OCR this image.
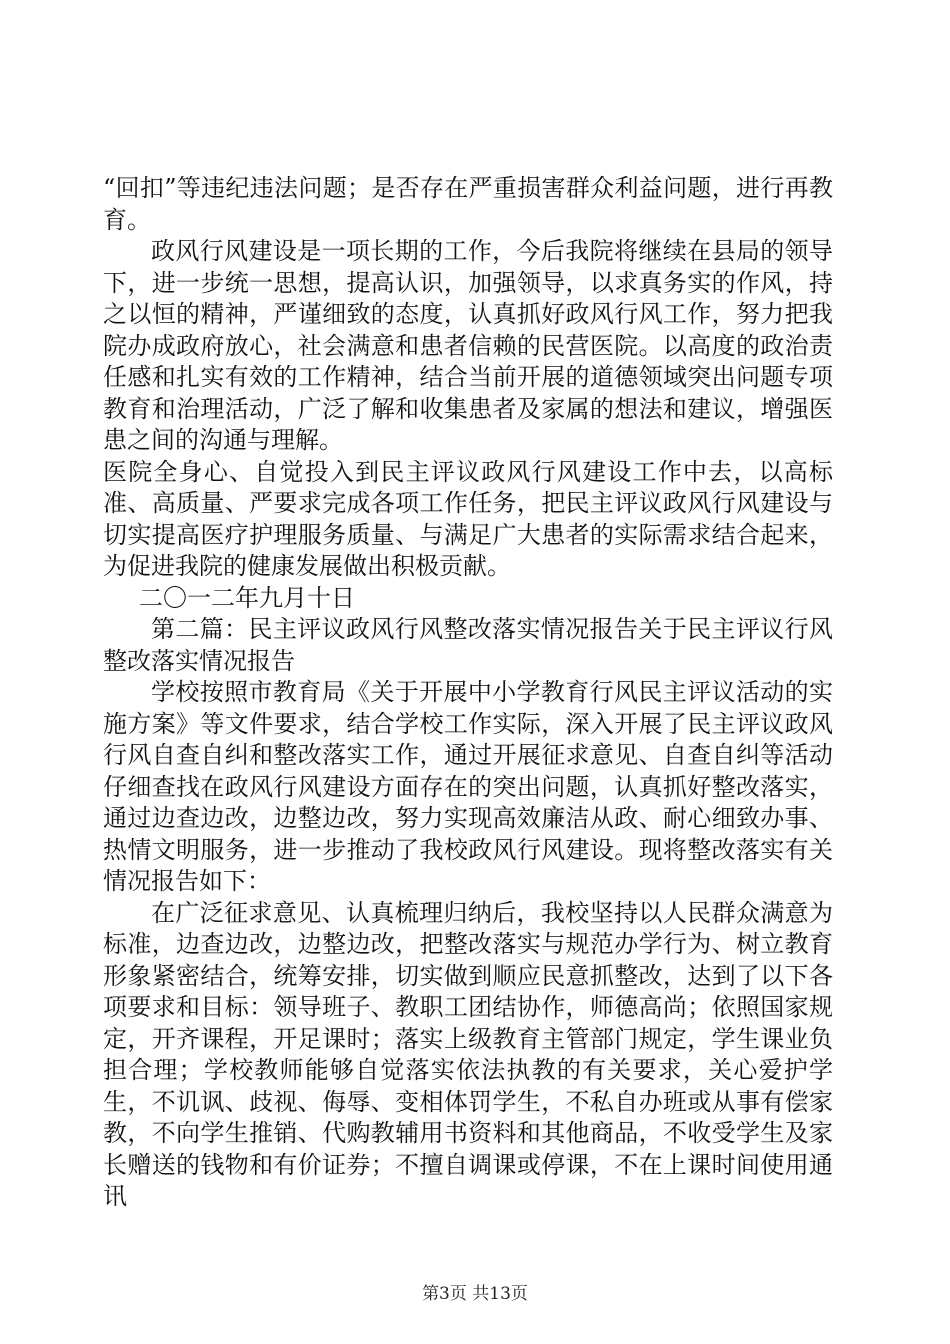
“回扣”等违纪违法问题；是否存在严重损害群众利益问题，进行再教育。

政风行风建设是一项长期的工作，今后我院将继续在县局的领导下，进一步统一思想，提高认识，加强领导，以求真务实的作风，持之以恒的精神，严谨细致的态度，认真抓好政风行风工作，努力把我院办成政府放心，社会满意和患者信赖的民营医院。以高度的政治责任感和扎实有效的工作精神，结合当前开展的道德领域突出问题专项教育和治理活动，广泛了解和收集患者及家属的想法和建议，增强医患之间的沟通与理解。

医院全身心、自觉投入到民主评议政风行风建设工作中去，以高标准、高质量、严要求完成各项工作任务，把民主评议政风行风建设与切实提高医疗护理服务质量、与满足广大患者的实际需求结合起来，为促进我院的健康发展做出积极贡献。

二〇一二年九月十日

第二篇：民主评议政风行风整改落实情况报告关于民主评议行风整改落实情况报告

学校按照市教育局《关于开展中小学教育行风民主评议活动的实施方案》等文件要求，结合学校工作实际，深入开展了民主评议政风行风自查自纠和整改落实工作，通过开展征求意见、自查自纠等活动仔细查找在政风行风建设方面存在的突出问题，认真抓好整改落实，通过边查边改，边整边改，努力实现高效廉洁从政、耐心细致办事、热情文明服务，进一步推动了我校政风行风建设。现将整改落实有关情况报告如下：

在广泛征求意见、认真梳理归纳后，我校坚持以人民群众满意为标准，边查边改，边整边改，把整改落实与规范办学行为、树立教育形象紧密结合，统筹安排，切实做到顺应民意抓整改，达到了以下各项要求和目标：领导班子、教职工团结协作，师德高尚；依照国家规定，开齐课程，开足课时；落实上级教育主管部门规定，学生课业负担合理；学校教师能够自觉落实依法执教的有关要求，关心爱护学生，不讥讽、歧视、侮辱、变相体罚学生，不私自办班或从事有偿家教，不向学生推销、代购教辅用书资料和其他商品，不收受学生及家长赠送的钱物和有价证券；不擅自调课或停课，不在上课时间使用通讯

第3页 共13页
